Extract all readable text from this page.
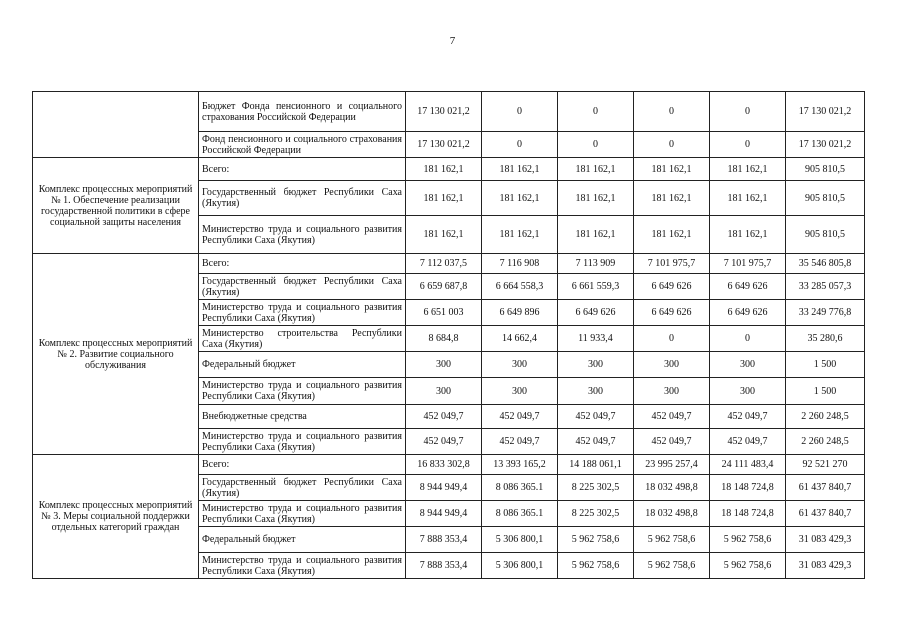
7
	Бюджет Фонда пенсионного и социального страхования Российской Федерации	17 130 021,2	0	0	0	0	17 130 021,2
	Фонд пенсионного и социального страхования Российской Федерации	17 130 021,2	0	0	0	0	17 130 021,2
Комплекс процессных мероприятий № 1. Обеспечение реализации государственной политики в сфере социальной защиты населения	Всего:	181 162,1	181 162,1	181 162,1	181 162,1	181 162,1	905 810,5
	Государственный бюджет Республики Саха (Якутия)	181 162,1	181 162,1	181 162,1	181 162,1	181 162,1	905 810,5
	Министерство труда и социального развития Республики Саха (Якутия)	181 162,1	181 162,1	181 162,1	181 162,1	181 162,1	905 810,5
Комплекс процессных мероприятий № 2. Развитие социального обслуживания	Всего:	7 112 037,5	7 116 908	7 113 909	7 101 975,7	7 101 975,7	35 546 805,8
	Государственный бюджет Республики Саха (Якутия)	6 659 687,8	6 664 558,3	6 661 559,3	6 649 626	6 649 626	33 285 057,3
	Министерство труда и социального развития Республики Саха (Якутия)	6 651 003	6 649 896	6 649 626	6 649 626	6 649 626	33 249 776,8
	Министерство строительства Республики Саха (Якутия)	8 684,8	14 662,4	11 933,4	0	0	35 280,6
	Федеральный бюджет	300	300	300	300	300	1 500
	Министерство труда и социального развития Республики Саха (Якутия)	300	300	300	300	300	1 500
	Внебюджетные средства	452 049,7	452 049,7	452 049,7	452 049,7	452 049,7	2 260 248,5
	Министерство труда и социального развития Республики Саха (Якутия)	452 049,7	452 049,7	452 049,7	452 049,7	452 049,7	2 260 248,5
Комплекс процессных мероприятий № 3. Меры социальной поддержки отдельных категорий граждан	Всего:	16 833 302,8	13 393 165,2	14 188 061,1	23 995 257,4	24 111 483,4	92 521 270
	Государственный бюджет Республики Саха (Якутия)	8 944 949,4	8 086 365.1	8 225 302,5	18 032 498,8	18 148 724,8	61 437 840,7
	Министерство труда и социального развития Республики Саха (Якутия)	8 944 949,4	8 086 365.1	8 225 302,5	18 032 498,8	18 148 724,8	61 437 840,7
	Федеральный бюджет	7 888 353,4	5 306 800,1	5 962 758,6	5 962 758,6	5 962 758,6	31 083 429,3
	Министерство труда и социального развития Республики Саха (Якутия)	7 888 353,4	5 306 800,1	5 962 758,6	5 962 758,6	5 962 758,6	31 083 429,3
